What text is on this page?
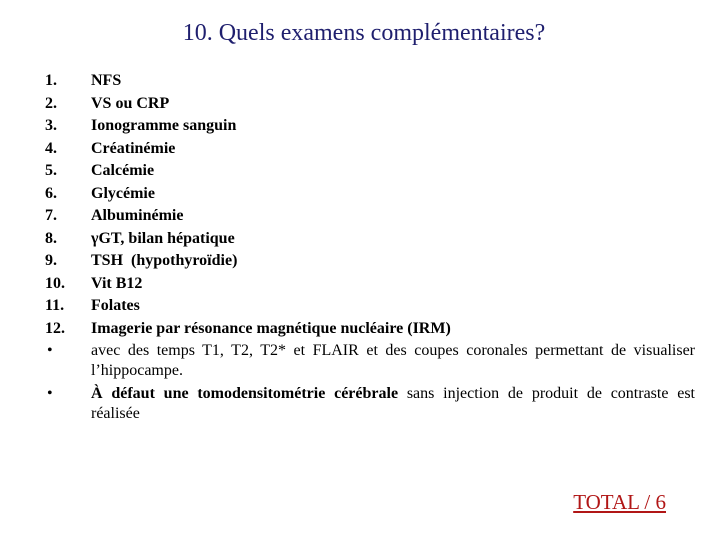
10. Quels examens complémentaires?
1.	NFS
2.	VS ou CRP
3.	Ionogramme sanguin
4.	Créatinémie
5.	Calcémie
6.	Glycémie
7.	Albuminémie
8.	γGT, bilan hépatique
9.	TSH  (hypothyroïdie)
10.	Vit B12
11.	Folates
12.	Imagerie par résonance magnétique nucléaire (IRM)
•	avec des temps T1, T2, T2* et FLAIR et des coupes coronales permettant de visualiser l’hippocampe.
•	À défaut une tomodensitométrie cérébrale sans injection de produit de contraste est réalisée
TOTAL / 6
